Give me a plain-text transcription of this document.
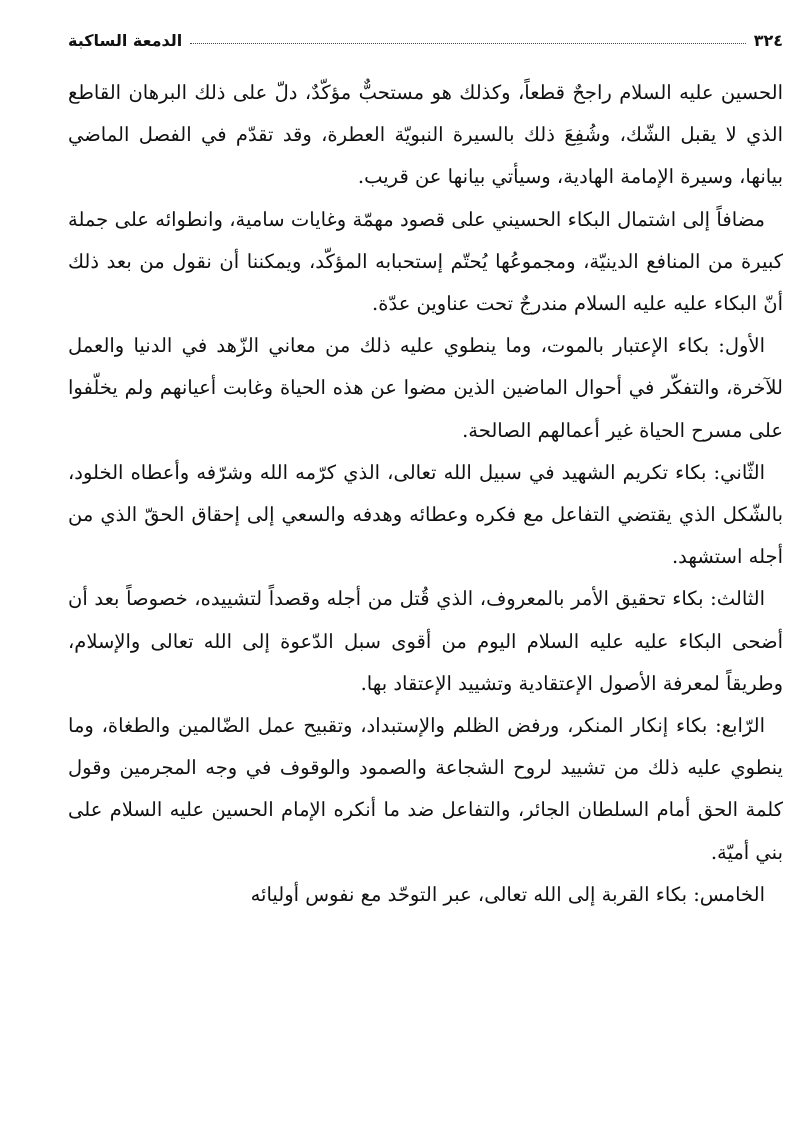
٣٢٤
الدمعة الساكبة

الحسين عليه السلام راجحٌ قطعاً، وكذلك هو مستحبٌّ مؤكّدٌ، دلّ على ذلك البرهان القاطع الذي لا يقبل الشّك، وشُفِعَ ذلك بالسيرة النبويّة العطرة، وقد تقدّم في الفصل الماضي بيانها، وسيرة الإمامة الهادية، وسيأتي بيانها عن قريب.

مضافاً إلى اشتمال البكاء الحسيني على قصود مهمّة وغايات سامية، وانطوائه على جملة كبيرة من المنافع الدينيّة، ومجموعُها يُحتّم إستحبابه المؤكّد، ويمكننا أن نقول من بعد ذلك أنّ البكاء عليه عليه السلام مندرجٌ تحت عناوين عدّة.

الأول: بكاء الإعتبار بالموت، وما ينطوي عليه ذلك من معاني الزّهد في الدنيا والعمل للآخرة، والتفكّر في أحوال الماضين الذين مضوا عن هذه الحياة وغابت أعيانهم ولم يخلّفوا على مسرح الحياة غير أعمالهم الصالحة.

الثّاني: بكاء تكريم الشهيد في سبيل الله تعالى، الذي كرّمه الله وشرّفه وأعطاه الخلود، بالشّكل الذي يقتضي التفاعل مع فكره وعطائه وهدفه والسعي إلى إحقاق الحقّ الذي من أجله استشهد.

الثالث: بكاء تحقيق الأمر بالمعروف، الذي قُتل من أجله وقصداً لتشييده، خصوصاً بعد أن أضحى البكاء عليه عليه السلام اليوم من أقوى سبل الدّعوة إلى الله تعالى والإسلام، وطريقاً لمعرفة الأصول الإعتقادية وتشييد الإعتقاد بها.

الرّابع: بكاء إنكار المنكر، ورفض الظلم والإستبداد، وتقبيح عمل الضّالمين والطغاة، وما ينطوي عليه ذلك من تشييد لروح الشجاعة والصمود والوقوف في وجه المجرمين وقول كلمة الحق أمام السلطان الجائر، والتفاعل ضد ما أنكره الإمام الحسين عليه السلام على بني أميّة.

الخامس: بكاء القربة إلى الله تعالى، عبر التوحّد مع نفوس أوليائه
